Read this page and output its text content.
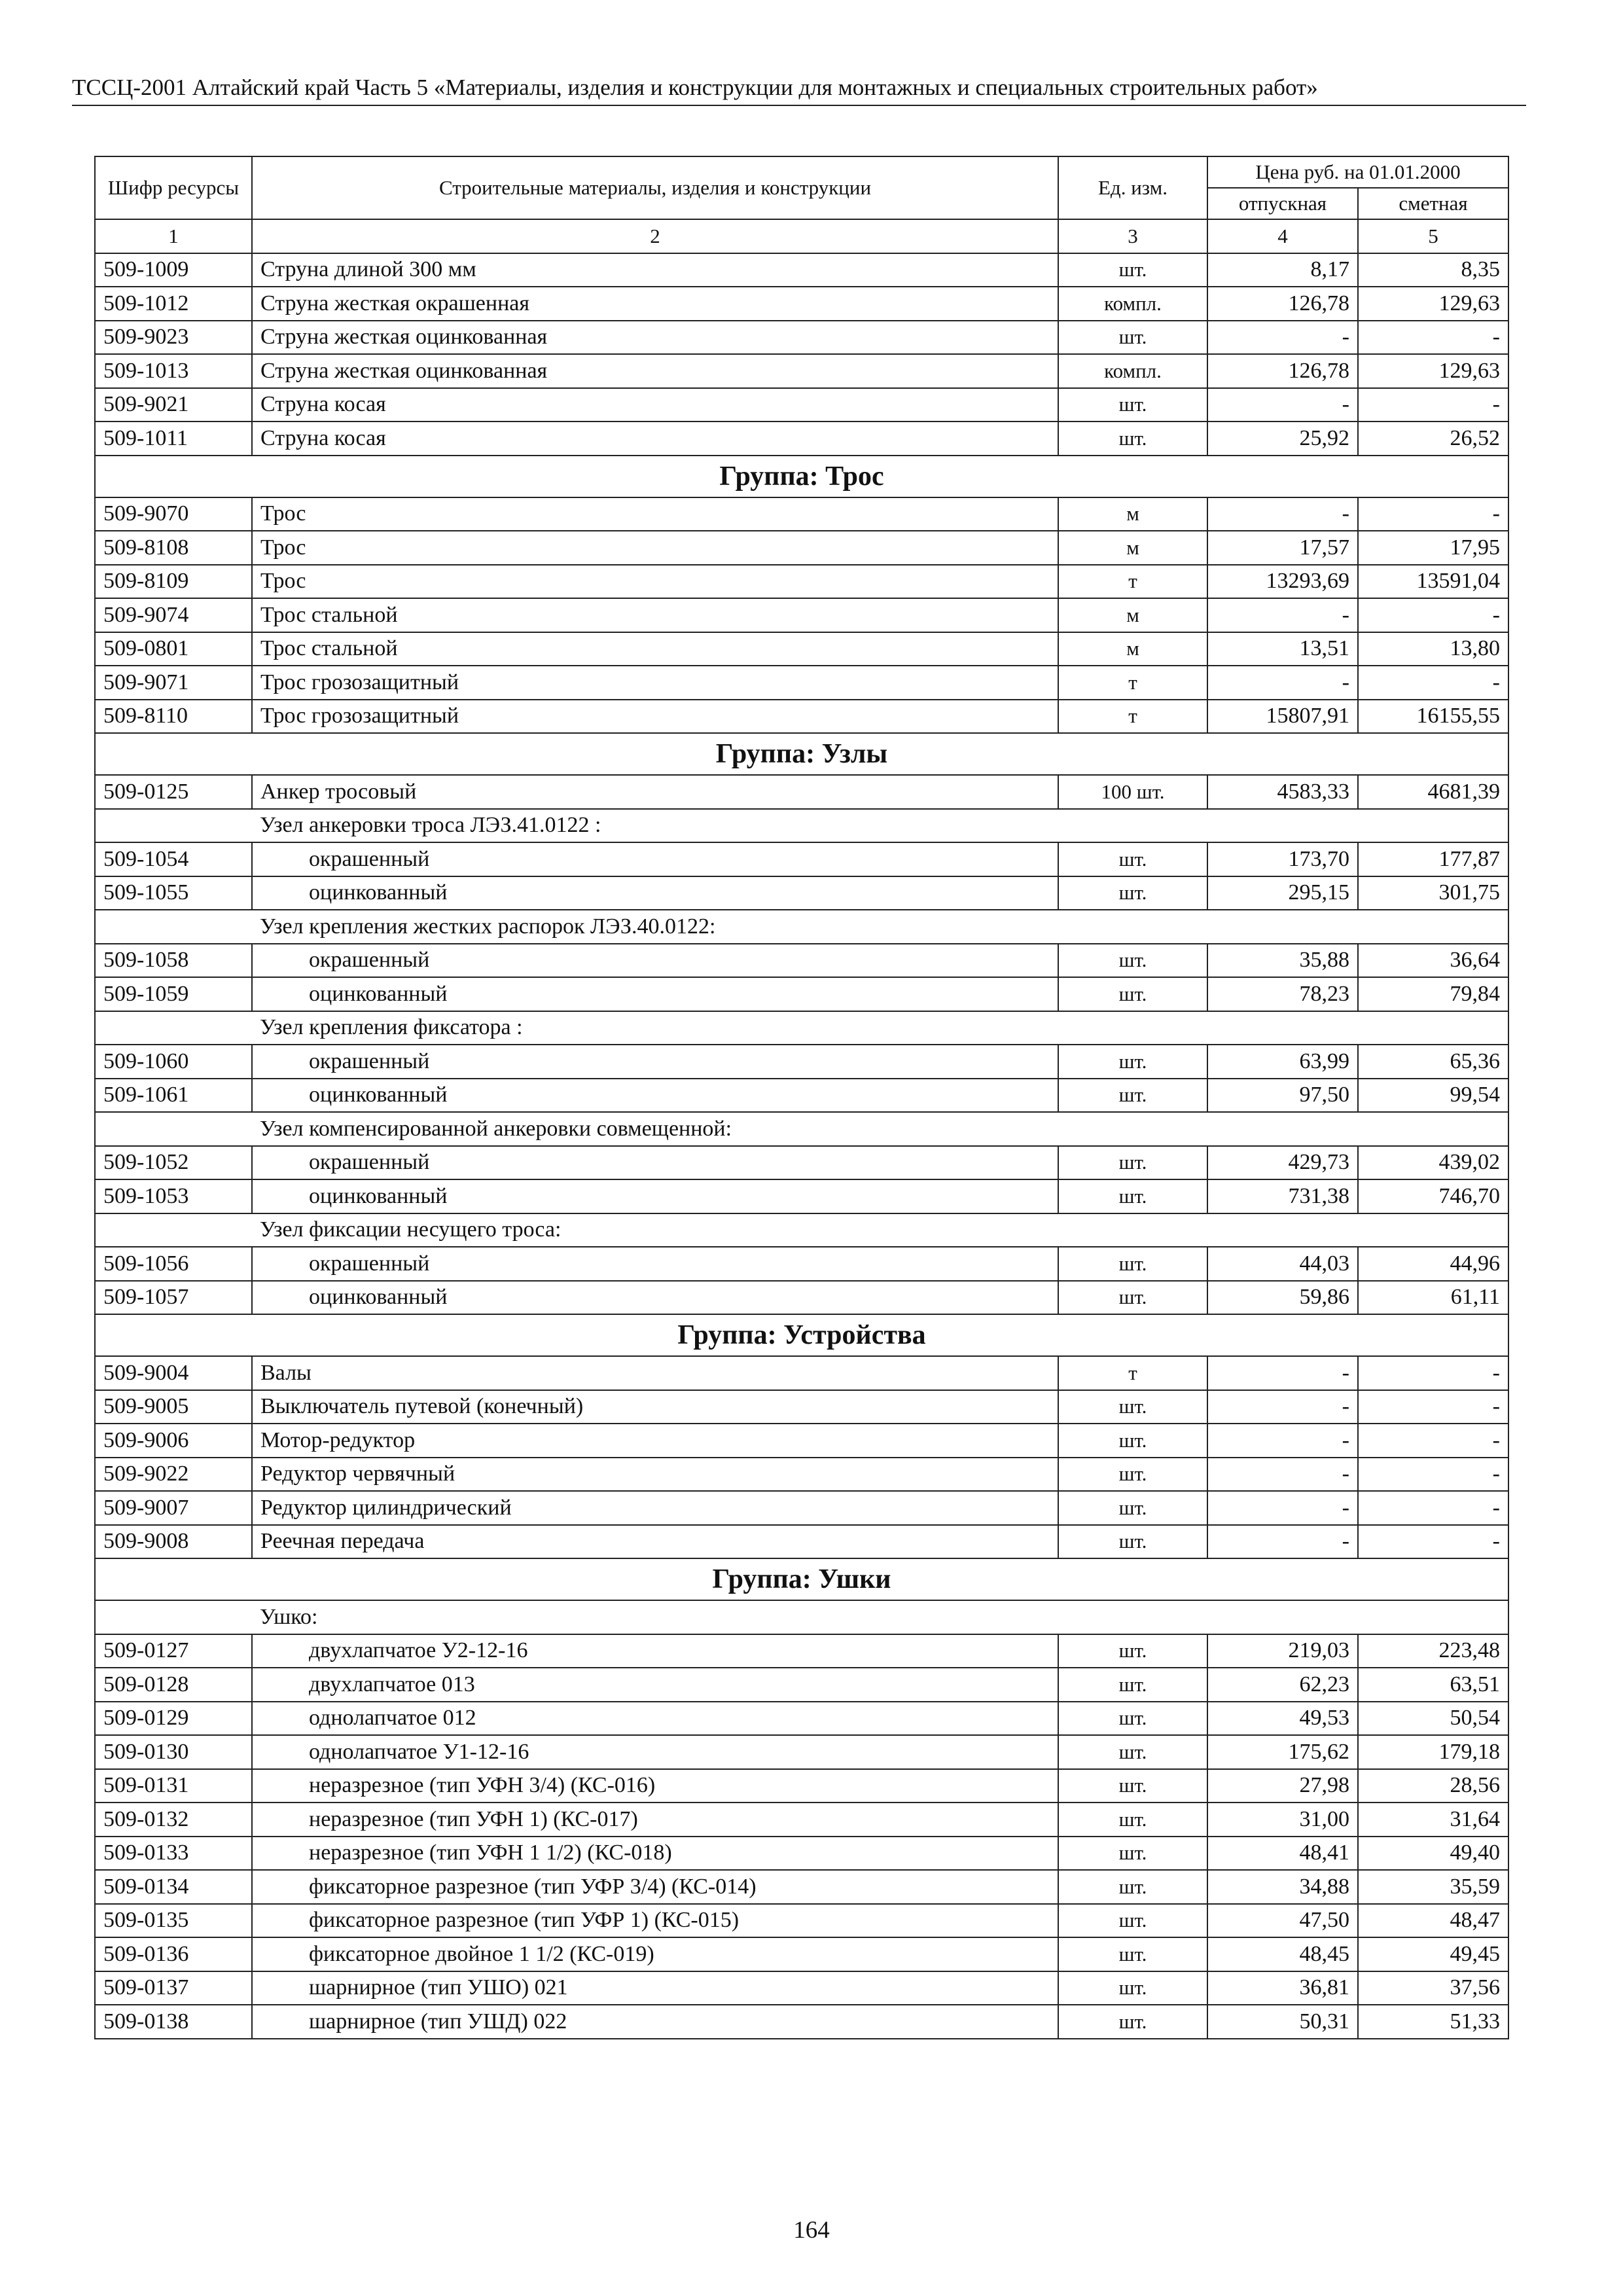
ТССЦ-2001 Алтайский край Часть 5 «Материалы, изделия и конструкции для монтажных и специальных строительных работ»
Шифр ресурсы	Строительные материалы, изделия и конструкции	Ед. изм.	Цена руб. на 01.01.2000	
			отпускная	сметная
1	2	3	4	5
509-1009	Струна длиной 300 мм	шт.	8,17	8,35
509-1012	Струна жесткая окрашенная	компл.	126,78	129,63
509-9023	Струна жесткая оцинкованная	шт.	-	-
509-1013	Струна жесткая оцинкованная	компл.	126,78	129,63
509-9021	Струна косая	шт.	-	-
509-1011	Струна косая	шт.	25,92	26,52
Группа: Трос				
509-9070	Трос	м	-	-
509-8108	Трос	м	17,57	17,95
509-8109	Трос	т	13293,69	13591,04
509-9074	Трос стальной	м	-	-
509-0801	Трос стальной	м	13,51	13,80
509-9071	Трос грозозащитный	т	-	-
509-8110	Трос грозозащитный	т	15807,91	16155,55
Группа: Узлы				
509-0125	Анкер тросовый	100 шт.	4583,33	4681,39
	Узел анкеровки троса ЛЭЗ.41.0122 :			
509-1054	окрашенный	шт.	173,70	177,87
509-1055	оцинкованный	шт.	295,15	301,75
	Узел крепления жестких распорок ЛЭЗ.40.0122:			
509-1058	окрашенный	шт.	35,88	36,64
509-1059	оцинкованный	шт.	78,23	79,84
	Узел крепления фиксатора :			
509-1060	окрашенный	шт.	63,99	65,36
509-1061	оцинкованный	шт.	97,50	99,54
	Узел компенсированной анкеровки совмещенной:			
509-1052	окрашенный	шт.	429,73	439,02
509-1053	оцинкованный	шт.	731,38	746,70
	Узел фиксации несущего троса:			
509-1056	окрашенный	шт.	44,03	44,96
509-1057	оцинкованный	шт.	59,86	61,11
Группа: Устройства				
509-9004	Валы	т	-	-
509-9005	Выключатель путевой (конечный)	шт.	-	-
509-9006	Мотор-редуктор	шт.	-	-
509-9022	Редуктор червячный	шт.	-	-
509-9007	Редуктор цилиндрический	шт.	-	-
509-9008	Реечная передача	шт.	-	-
Группа: Ушки				
	Ушко:			
509-0127	двухлапчатое У2-12-16	шт.	219,03	223,48
509-0128	двухлапчатое 013	шт.	62,23	63,51
509-0129	однолапчатое 012	шт.	49,53	50,54
509-0130	однолапчатое У1-12-16	шт.	175,62	179,18
509-0131	неразрезное (тип УФН 3/4) (КС-016)	шт.	27,98	28,56
509-0132	неразрезное (тип УФН 1) (КС-017)	шт.	31,00	31,64
509-0133	неразрезное (тип УФН 1 1/2) (КС-018)	шт.	48,41	49,40
509-0134	фиксаторное разрезное (тип УФР 3/4) (КС-014)	шт.	34,88	35,59
509-0135	фиксаторное разрезное (тип УФР 1) (КС-015)	шт.	47,50	48,47
509-0136	фиксаторное двойное 1 1/2 (КС-019)	шт.	48,45	49,45
509-0137	шарнирное (тип УШО) 021	шт.	36,81	37,56
509-0138	шарнирное (тип УШД) 022	шт.	50,31	51,33
164
